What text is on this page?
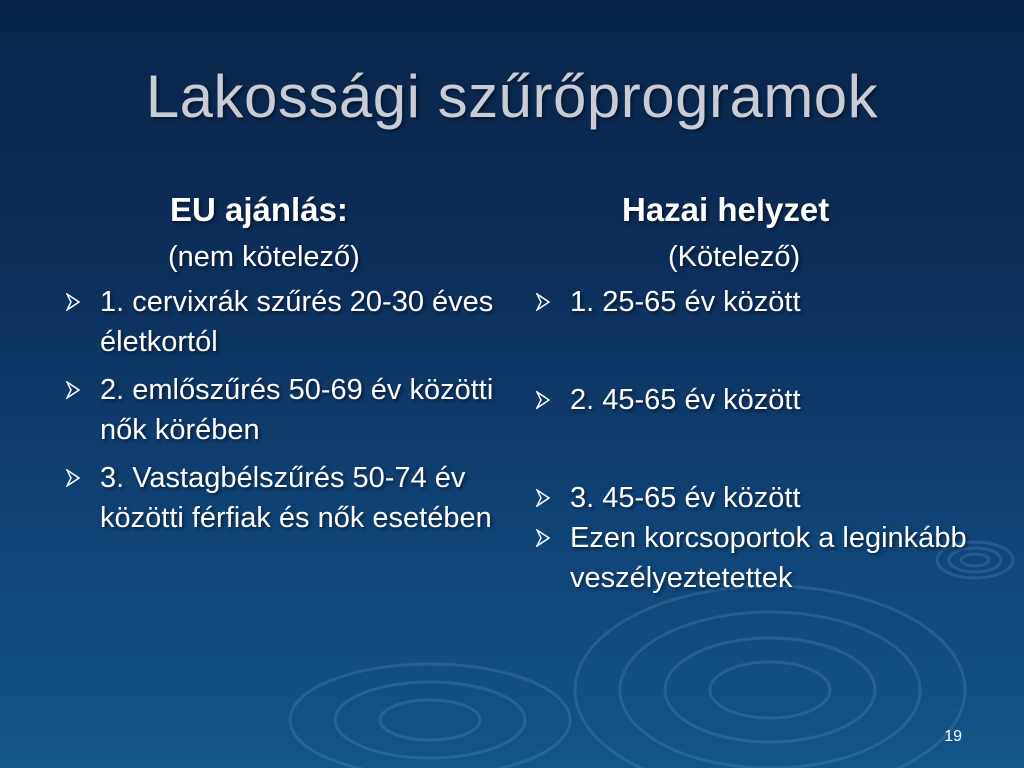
Lakossági szűrőprogramok
EU ajánlás:
(nem kötelező)
1. cervixrák szűrés 20-30 éves életkortól
2. emlőszűrés 50-69 év közötti nők körében
3. Vastagbélszűrés 50-74 év közötti férfiak és nők esetében
Hazai helyzet
(Kötelező)
1. 25-65 év között
2. 45-65 év között
3. 45-65 év között
Ezen korcsoportok a leginkább veszélyeztetettek
19
